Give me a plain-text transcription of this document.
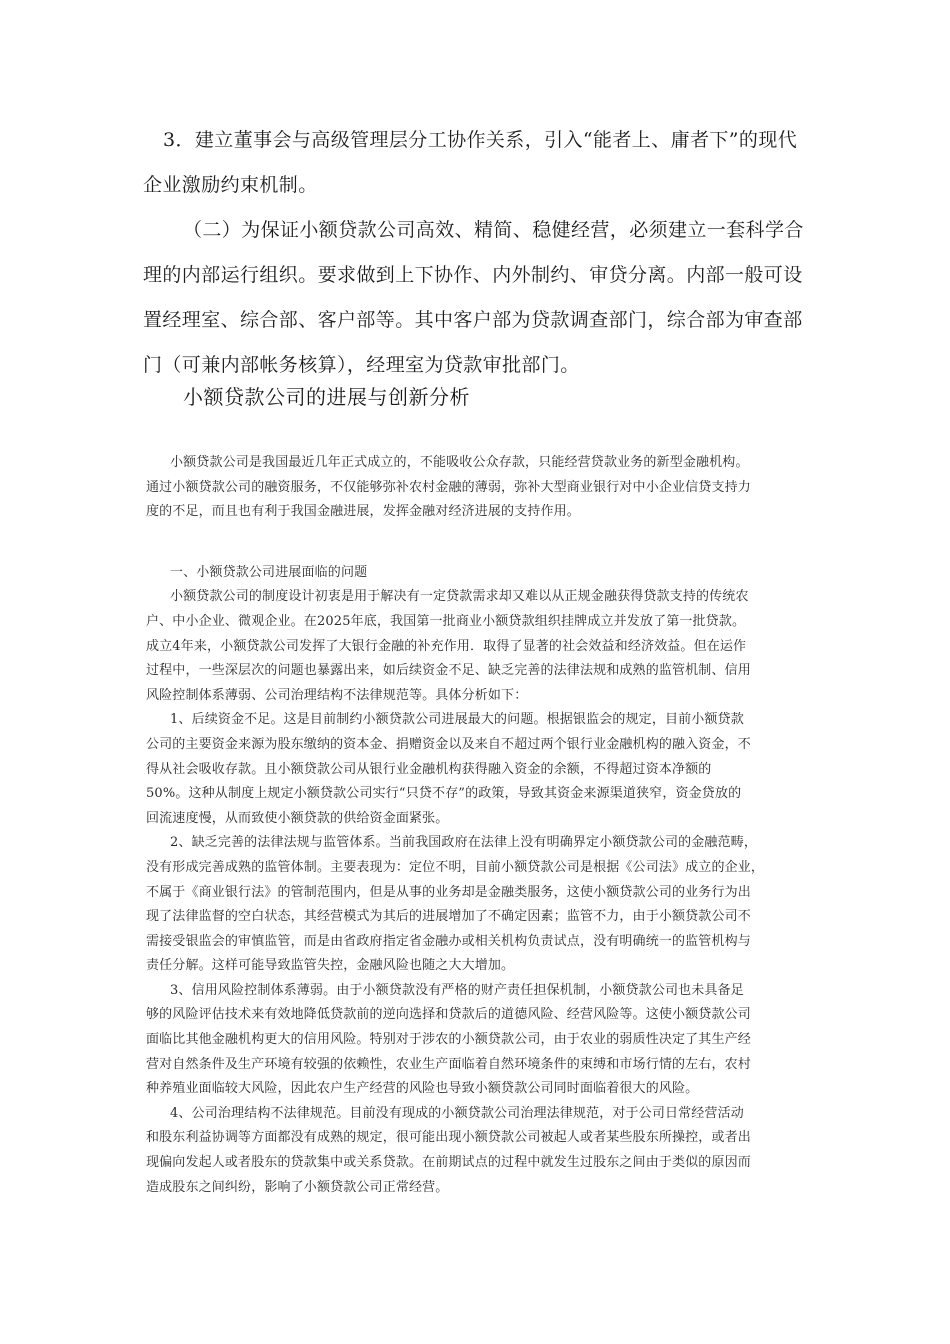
3．建立董事会与高级管理层分工协作关系，引入“能者上、庸者下”的现代
企业激励约束机制。

（二）为保证小额贷款公司高效、精简、稳健经营，必须建立一套科学合
理的内部运行组织。要求做到上下协作、内外制约、审贷分离。内部一般可设
置经理室、综合部、客户部等。其中客户部为贷款调查部门，综合部为审查部
门（可兼内部帐务核算），经理室为贷款审批部门。

小额贷款公司的进展与创新分析

小额贷款公司是我国最近几年正式成立的，不能吸收公众存款，只能经营贷款业务的新型金融机构。
通过小额贷款公司的融资服务，不仅能够弥补农村金融的薄弱，弥补大型商业银行对中小企业信贷支持力
度的不足，而且也有利于我国金融进展，发挥金融对经济进展的支持作用。

一、小额贷款公司进展面临的问题

小额贷款公司的制度设计初衷是用于解决有一定贷款需求却又难以从正规金融获得贷款支持的传统农
户、中小企业、微观企业。在2025年底，我国第一批商业小额贷款组织挂牌成立并发放了第一批贷款。
成立4年来，小额贷款公司发挥了大银行金融的补充作用．取得了显著的社会效益和经济效益。但在运作
过程中，一些深层次的问题也暴露出来，如后续资金不足、缺乏完善的法律法规和成熟的监管机制、信用
风险控制体系薄弱、公司治理结构不法律规范等。具体分析如下：

1、后续资金不足。这是目前制约小额贷款公司进展最大的问题。根据银监会的规定，目前小额贷款
公司的主要资金来源为股东缴纳的资本金、捐赠资金以及来自不超过两个银行业金融机构的融入资金，不
得从社会吸收存款。且小额贷款公司从银行业金融机构获得融入资金的余额，不得超过资本净额的
50%。这种从制度上规定小额贷款公司实行“只贷不存”的政策，导致其资金来源渠道狭窄，资金贷放的
回流速度慢，从而致使小额贷款的供给资金面紧张。

2、缺乏完善的法律法规与监管体系。当前我国政府在法律上没有明确界定小额贷款公司的金融范畴，
没有形成完善成熟的监管体制。主要表现为：定位不明，目前小额贷款公司是根据《公司法》成立的企业，
不属于《商业银行法》的管制范围内，但是从事的业务却是金融类服务，这使小额贷款公司的业务行为出
现了法律监督的空白状态，其经营模式为其后的进展增加了不确定因素；监管不力，由于小额贷款公司不
需接受银监会的审慎监管，而是由省政府指定省金融办或相关机构负责试点，没有明确统一的监管机构与
责任分解。这样可能导致监管失控，金融风险也随之大大增加。

3、信用风险控制体系薄弱。由于小额贷款没有严格的财产责任担保机制，小额贷款公司也未具备足
够的风险评估技术来有效地降低贷款前的逆向选择和贷款后的道德风险、经营风险等。这使小额贷款公司
面临比其他金融机构更大的信用风险。特别对于涉农的小额贷款公司，由于农业的弱质性决定了其生产经
营对自然条件及生产环境有较强的依赖性，农业生产面临着自然环境条件的束缚和市场行情的左右，农村
种养殖业面临较大风险，因此农户生产经营的风险也导致小额贷款公司同时面临着很大的风险。

4、公司治理结构不法律规范。目前没有现成的小额贷款公司治理法律规范，对于公司日常经营活动
和股东利益协调等方面都没有成熟的规定，很可能出现小额贷款公司被起人或者某些股东所操控，或者出
现偏向发起人或者股东的贷款集中或关系贷款。在前期试点的过程中就发生过股东之间由于类似的原因而
造成股东之间纠纷，影响了小额贷款公司正常经营。
